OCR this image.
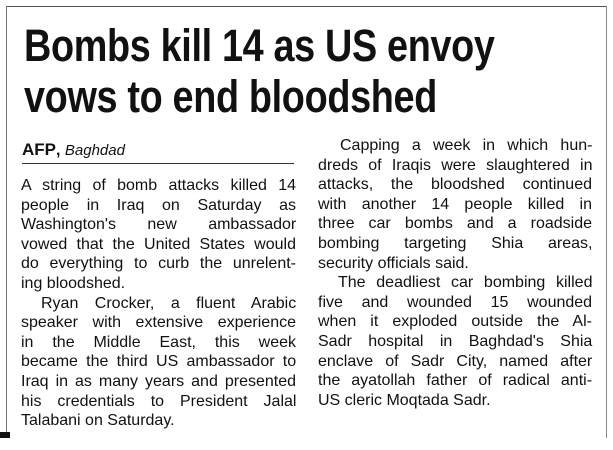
Bombs kill 14 as US envoy
vows to end bloodshed
AFP, Baghdad

A string of bomb attacks killed 14
people in Iraq on Saturday as
Washington's new ambassador
vowed that the United States would
do everything to curb the unrelent-
ing bloodshed.

Ryan Crocker, a fluent Arabic
speaker with extensive experience
in the Middle East, this week
became the third US ambassador to
Iraq in as many years and presented
his credentials to President Jalal
Talabani on Saturday.

Capping a week in which hun-
dreds of Iraqis were slaughtered in
attacks, the bloodshed continued
with another 14 people killed in
three car bombs and a roadside
bombing targeting Shia areas,
security officials said.

The deadliest car bombing killed
five and wounded 15 wounded
when it exploded outside the Al-
Sadr hospital in Baghdad's Shia
enclave of Sadr City, named after
the ayatollah father of radical anti-
US cleric Moqtada Sadr.
